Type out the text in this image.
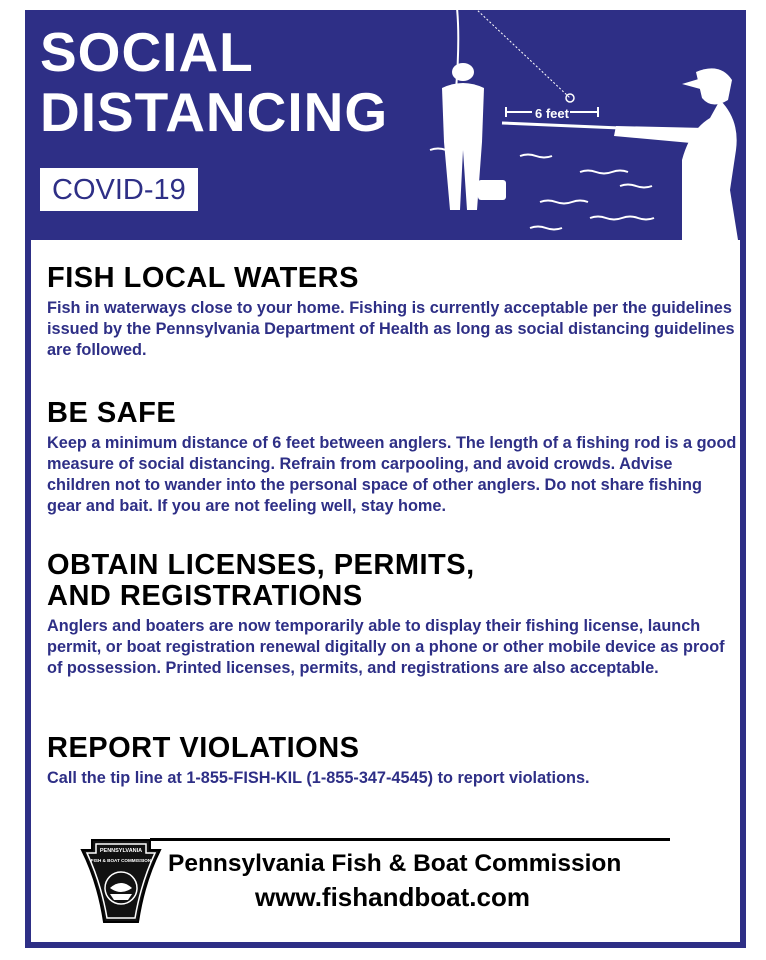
SOCIAL
DISTANCING
COVID-19
6 feet
FISH LOCAL WATERS

Fish in waterways close to your home. Fishing is currently acceptable per the guidelines issued by the Pennsylvania Department of Health as long as social distancing guidelines are followed.

BE SAFE

Keep a minimum distance of 6 feet between anglers. The length of a fishing rod is a good measure of social distancing. Refrain from carpooling, and avoid crowds. Advise children not to wander into the personal space of other anglers. Do not share fishing gear and bait. If you are not feeling well, stay home.

OBTAIN LICENSES, PERMITS,
AND REGISTRATIONS

Anglers and boaters are now temporarily able to display their fishing license, launch permit, or boat registration renewal digitally on a phone or other mobile device as proof of possession. Printed licenses, permits, and registrations are also acceptable.

REPORT VIOLATIONS

Call the tip line at 1-855-FISH-KIL (1-855-347-4545) to report violations.

PENNSYLVANIA
FISH & BOAT COMMISSION Pennsylvania Fish & Boat Commission
www.fishandboat.com
